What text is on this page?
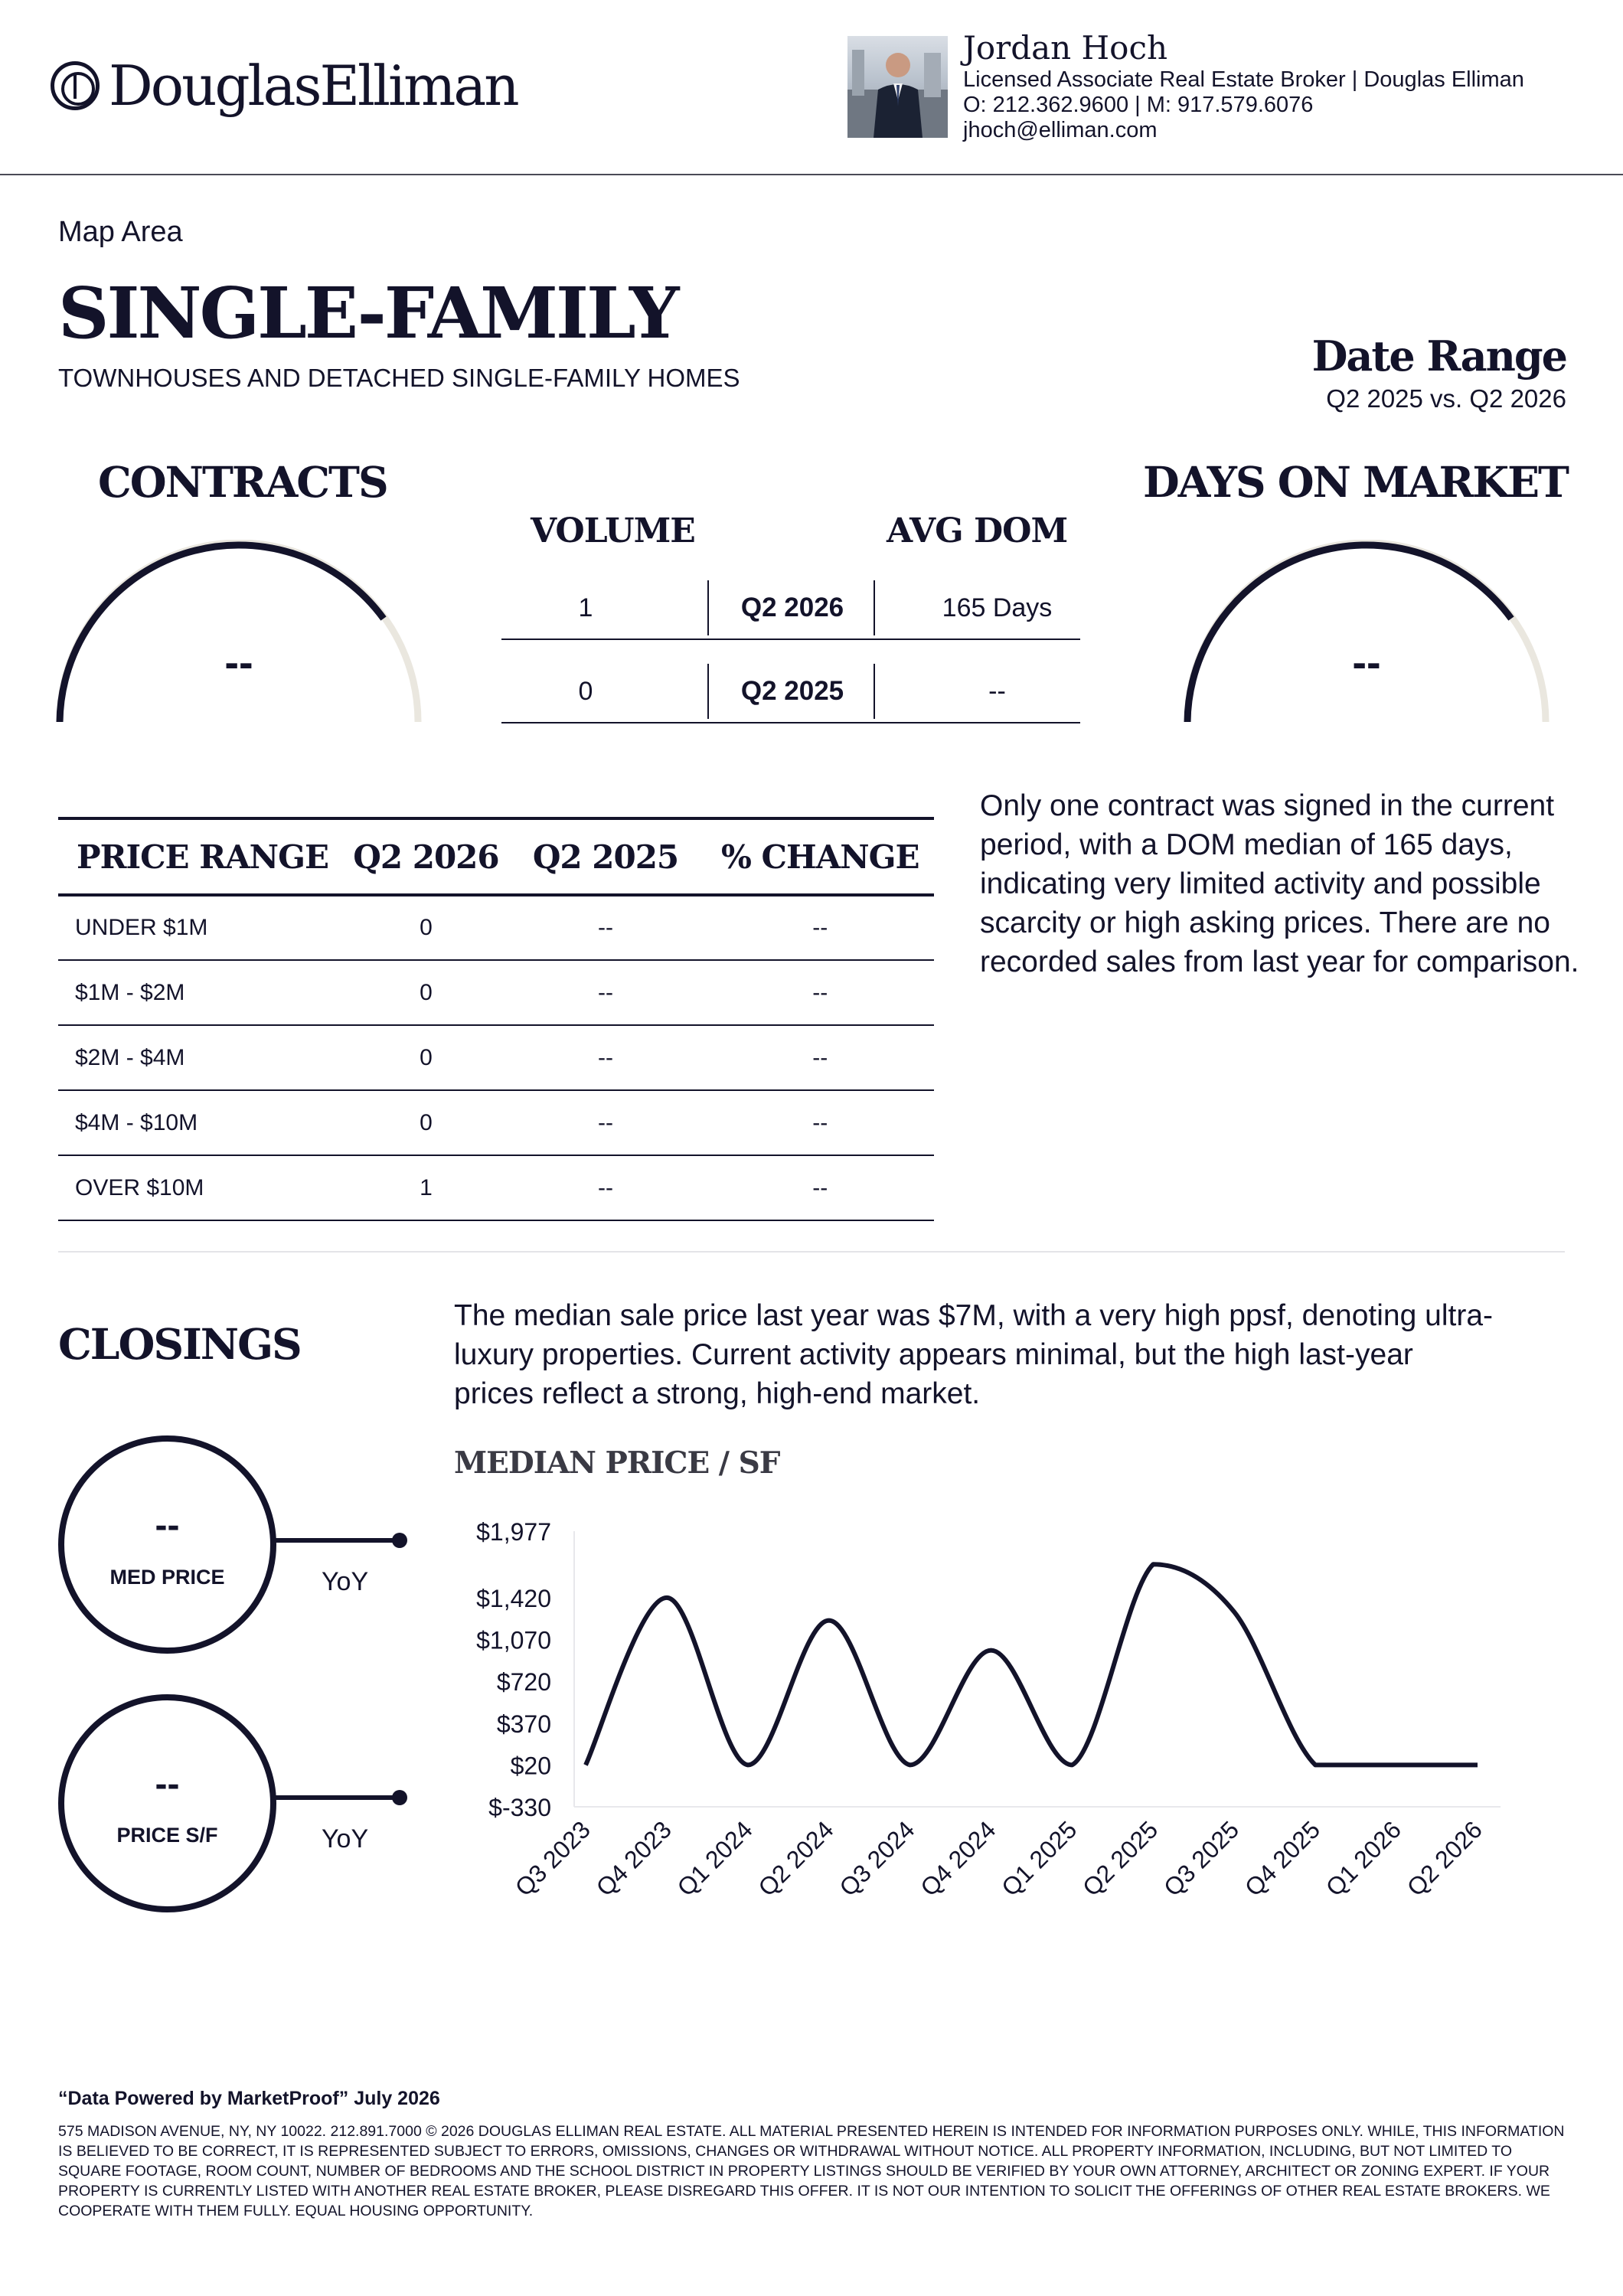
DouglasElliman
Jordan Hoch
Licensed Associate Real Estate Broker | Douglas Elliman
O: 212.362.9600 | M: 917.579.6076
jhoch@elliman.com
Map Area
SINGLE-FAMILY
TOWNHOUSES AND DETACHED SINGLE-FAMILY HOMES	Date Range
Q2 2025 vs. Q2 2026
CONTRACTS	DAYS ON MARKET
--	--
VOLUME	AVG DOM
1	Q2 2026	165 Days
0	Q2 2025	--
PRICE RANGE	Q2 2026	Q2 2025	% CHANGE
UNDER $1M	0	--	--
$1M - $2M	0	--	--
$2M - $4M	0	--	--
$4M - $10M	0	--	--
OVER $10M	1	--	--
Only one contract was signed in the current period, with a DOM median of 165 days, indicating very limited activity and possible scarcity or high asking prices. There are no recorded sales from last year for comparison.
CLOSINGS
The median sale price last year was $7M, with a very high ppsf, denoting ultra-luxury properties. Current activity appears minimal, but the high last-year prices reflect a strong, high-end market.
MEDIAN PRICE / SF
--
MED PRICE	YoY
--
PRICE S/F	YoY
$1,977
$1,420
$1,070
$720
$370
$20
$-330
Q3 2023
Q4 2023
Q1 2024
Q2 2024
Q3 2024
Q4 2024
Q1 2025
Q2 2025
Q3 2025
Q4 2025
Q1 2026
Q2 2026
“Data Powered by MarketProof” July 2026
575 MADISON AVENUE, NY, NY 10022. 212.891.7000 © 2026 DOUGLAS ELLIMAN REAL ESTATE. ALL MATERIAL PRESENTED HEREIN IS INTENDED FOR INFORMATION PURPOSES ONLY. WHILE, THIS INFORMATION IS BELIEVED TO BE CORRECT, IT IS REPRESENTED SUBJECT TO ERRORS, OMISSIONS, CHANGES OR WITHDRAWAL WITHOUT NOTICE. ALL PROPERTY INFORMATION, INCLUDING, BUT NOT LIMITED TO SQUARE FOOTAGE, ROOM COUNT, NUMBER OF BEDROOMS AND THE SCHOOL DISTRICT IN PROPERTY LISTINGS SHOULD BE VERIFIED BY YOUR OWN ATTORNEY, ARCHITECT OR ZONING EXPERT. IF YOUR PROPERTY IS CURRENTLY LISTED WITH ANOTHER REAL ESTATE BROKER, PLEASE DISREGARD THIS OFFER. IT IS NOT OUR INTENTION TO SOLICIT THE OFFERINGS OF OTHER REAL ESTATE BROKERS. WE COOPERATE WITH THEM FULLY. EQUAL HOUSING OPPORTUNITY.
